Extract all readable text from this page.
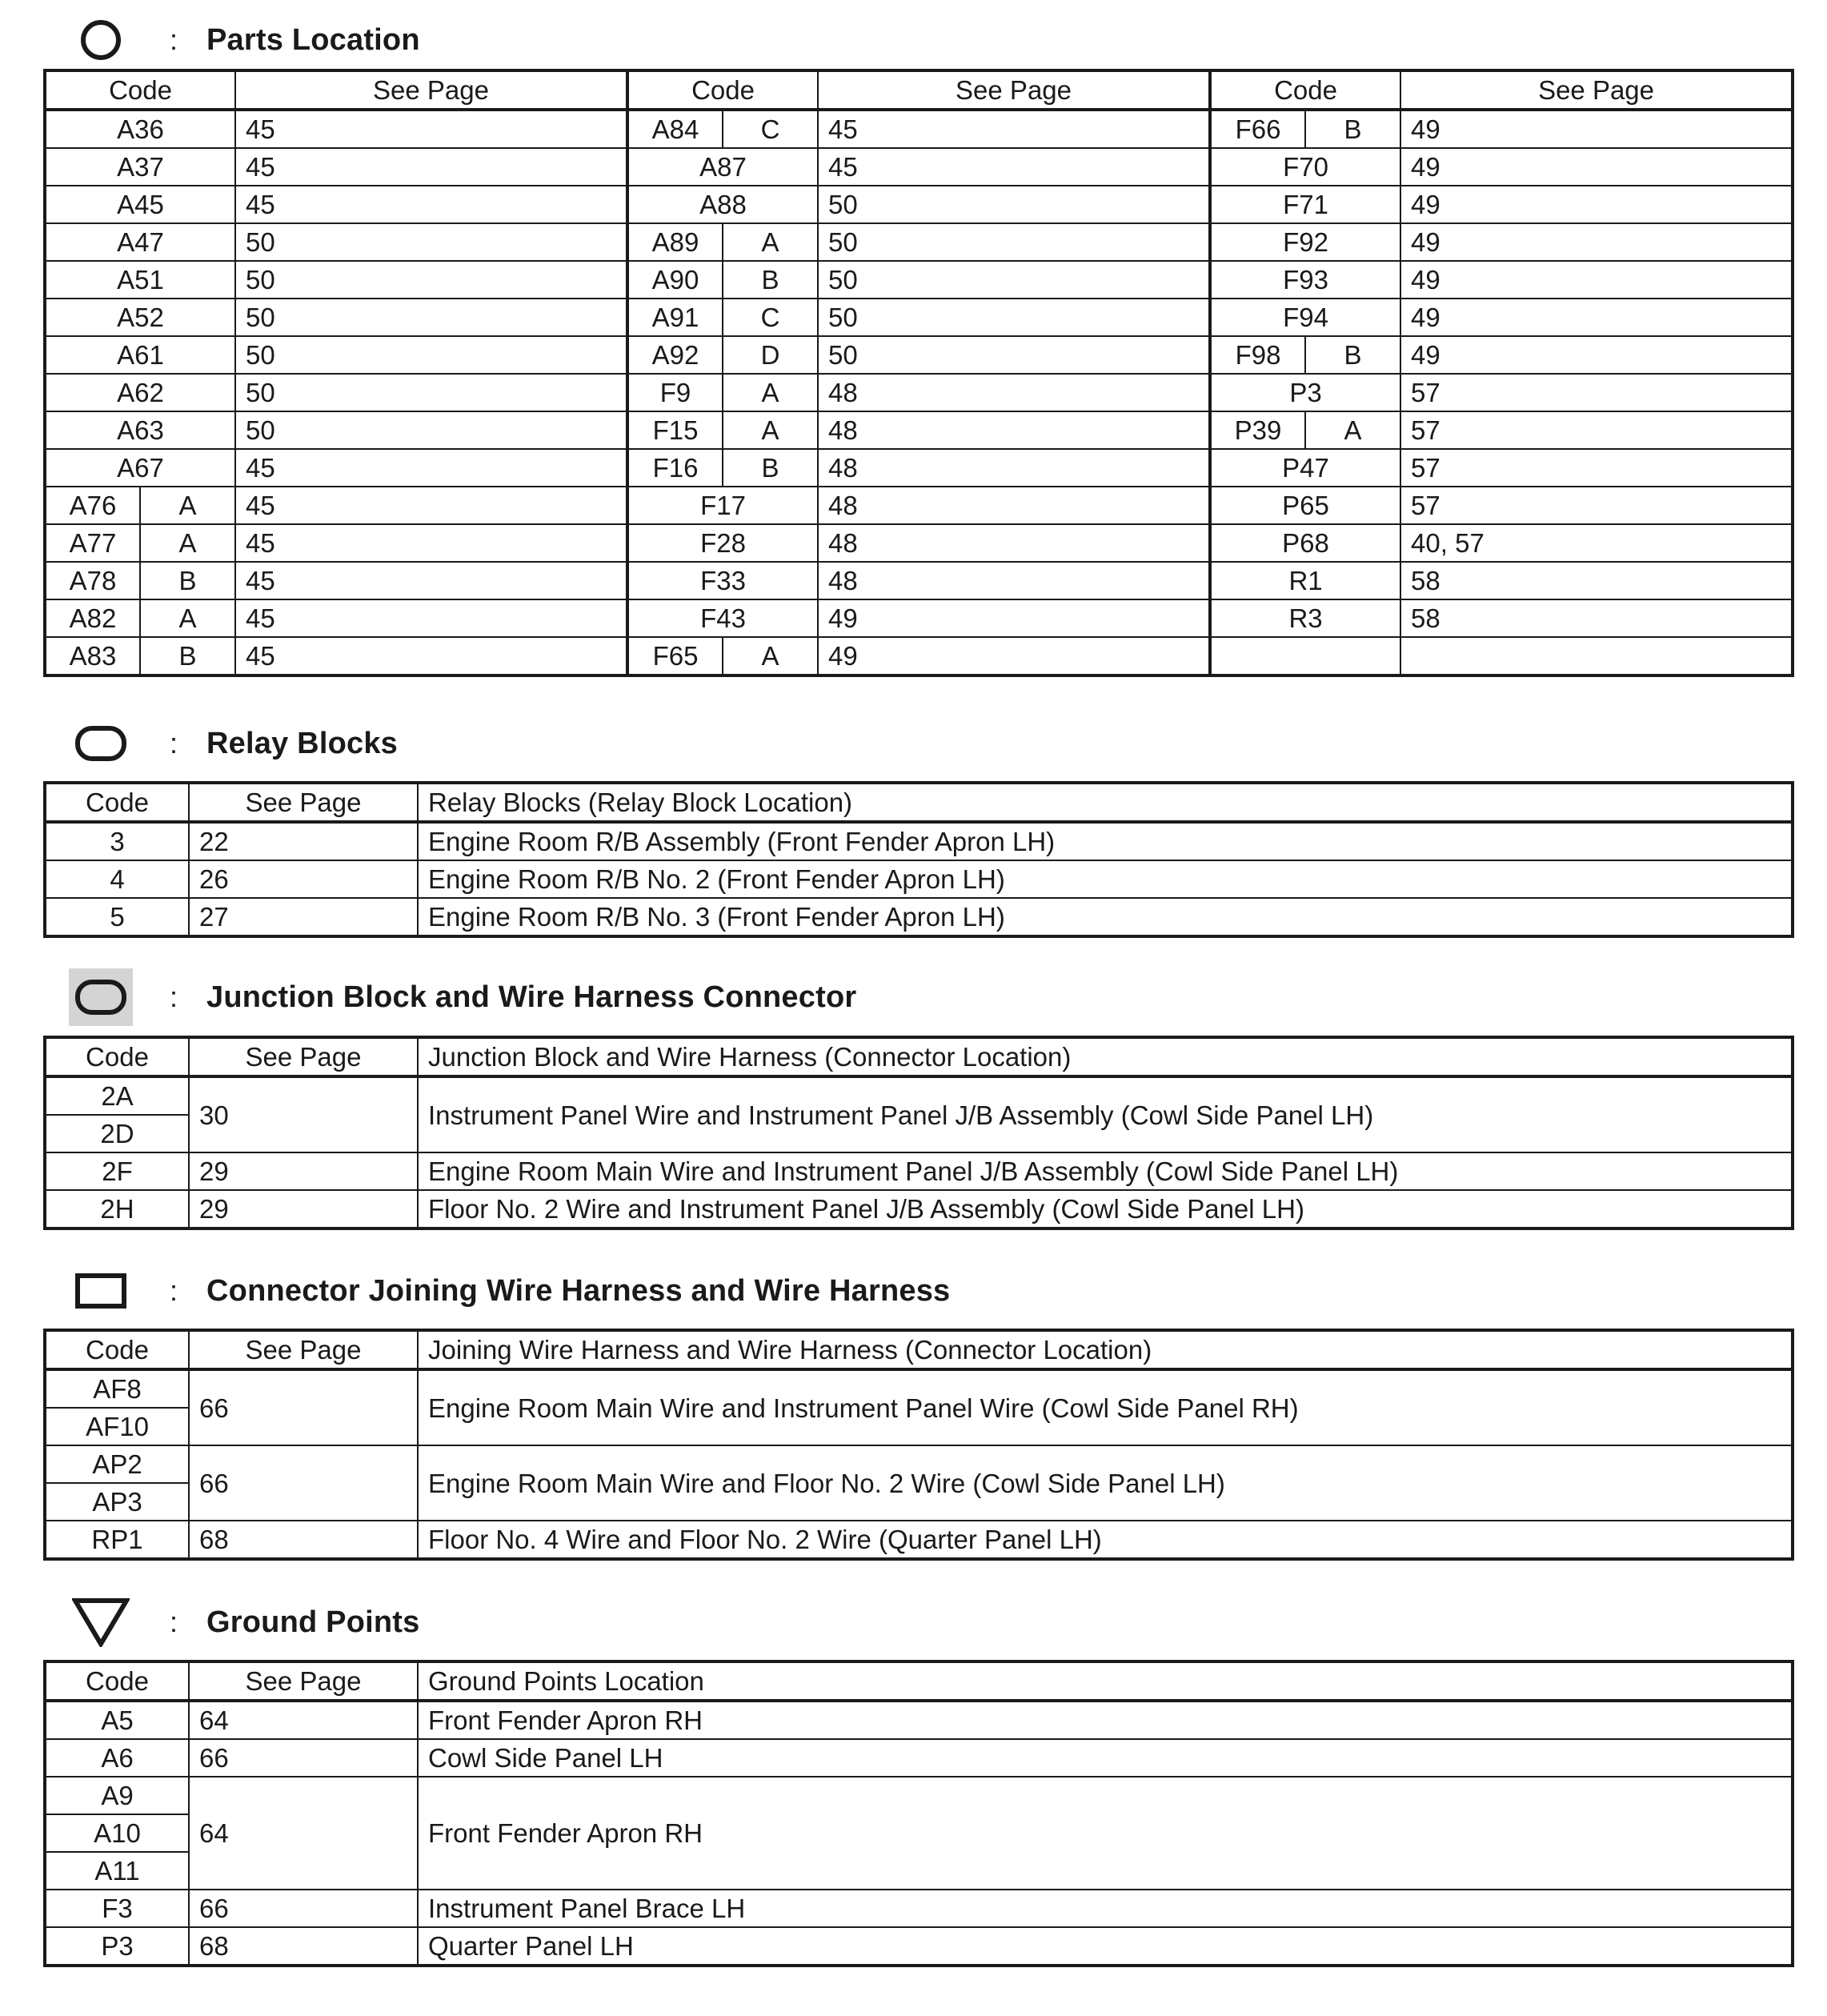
: Parts Location
Code		See Page	Code		See Page	Code		See Page
A36		45	A84	C	45	F66	B	49
A37		45	A87		45	F70		49
A45		45	A88		50	F71		49
A47		50	A89	A	50	F92		49
A51		50	A90	B	50	F93		49
A52		50	A91	C	50	F94		49
A61		50	A92	D	50	F98	B	49
A62		50	F9	A	48	P3		57
A63		50	F15	A	48	P39	A	57
A67		45	F16	B	48	P47		57
A76	A	45	F17		48	P65		57
A77	A	45	F28		48	P68		40, 57
A78	B	45	F33		48	R1		58
A82	A	45	F43		49	R3		58
A83	B	45	F65	A	49			
: Relay Blocks
Code	See Page	Relay Blocks (Relay Block Location)
3	22	Engine Room R/B Assembly (Front Fender Apron LH)
4	26	Engine Room R/B No. 2 (Front Fender Apron LH)
5	27	Engine Room R/B No. 3 (Front Fender Apron LH)
: Junction Block and Wire Harness Connector
Code	See Page	Junction Block and Wire Harness (Connector Location)
2A	30	Instrument Panel Wire and Instrument Panel J/B Assembly (Cowl Side Panel LH)
2D		
2F	29	Engine Room Main Wire and Instrument Panel J/B Assembly (Cowl Side Panel LH)
2H	29	Floor No. 2 Wire and Instrument Panel J/B Assembly (Cowl Side Panel LH)
: Connector Joining Wire Harness and Wire Harness
Code	See Page	Joining Wire Harness and Wire Harness (Connector Location)
AF8	66	Engine Room Main Wire and Instrument Panel Wire (Cowl Side Panel RH)
AF10		
AP2	66	Engine Room Main Wire and Floor No. 2 Wire (Cowl Side Panel LH)
AP3		
RP1	68	Floor No. 4 Wire and Floor No. 2 Wire (Quarter Panel LH)
: Ground Points
Code	See Page	Ground Points Location
A5	64	Front Fender Apron RH
A6	66	Cowl Side Panel LH
A9	64	Front Fender Apron RH
A10		
A11		
F3	66	Instrument Panel Brace LH
P3	68	Quarter Panel LH
